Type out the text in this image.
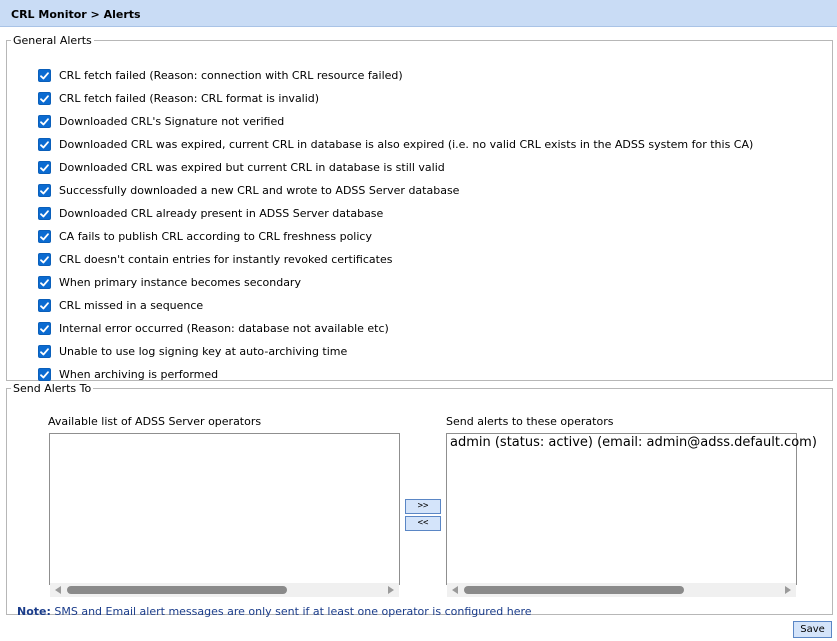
CRL Monitor > Alerts
General Alerts
CRL fetch failed (Reason: connection with CRL resource failed)
CRL fetch failed (Reason: CRL format is invalid)
Downloaded CRL's Signature not verified
Downloaded CRL was expired, current CRL in database is also expired (i.e. no valid CRL exists in the ADSS system for this CA)
Downloaded CRL was expired but current CRL in database is still valid
Successfully downloaded a new CRL and wrote to ADSS Server database
Downloaded CRL already present in ADSS Server database
CA fails to publish CRL according to CRL freshness policy
CRL doesn't contain entries for instantly revoked certificates
When primary instance becomes secondary
CRL missed in a sequence
Internal error occurred (Reason: database not available etc)
Unable to use log signing key at auto-archiving time
When archiving is performed
Send Alerts To
Available list of ADSS Server operators
>>
<<
Send alerts to these operators
admin (status: active) (email: admin@adss.default.com)
Note: SMS and Email alert messages are only sent if at least one operator is configured here
Save
